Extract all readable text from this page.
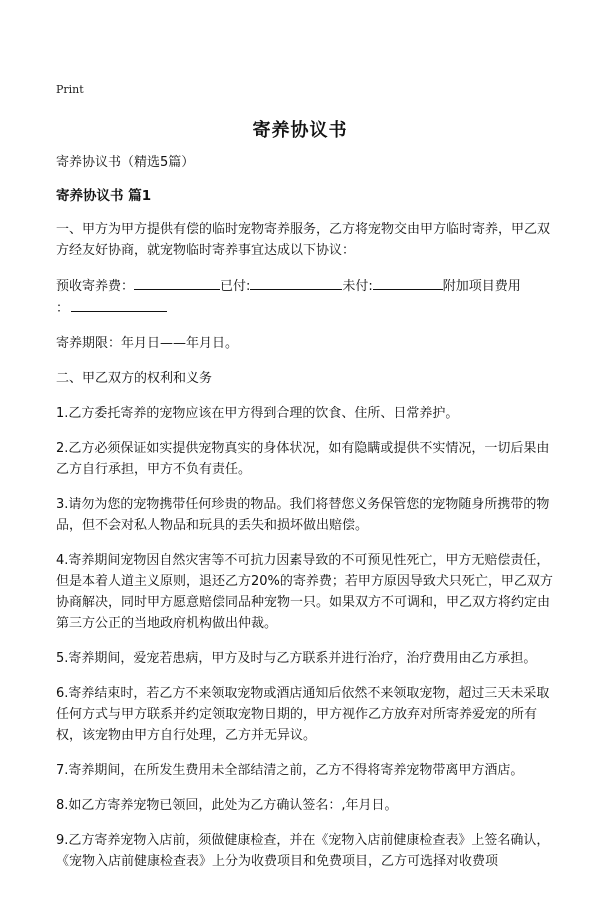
Print
寄养协议书

寄养协议书（精选5篇）

寄养协议书 篇1

一、甲方为甲方提供有偿的临时宠物寄养服务，乙方将宠物交由甲方临时寄养，甲乙双方经友好协商，就宠物临时寄养事宜达成以下协议：

预收寄养费：	已付:	未付:	附加项目费用
：

寄养期限：年月日——年月日。

二、甲乙双方的权利和义务

1.乙方委托寄养的宠物应该在甲方得到合理的饮食、住所、日常养护。

2.乙方必须保证如实提供宠物真实的身体状况，如有隐瞒或提供不实情况，一切后果由乙方自行承担，甲方不负有责任。

3.请勿为您的宠物携带任何珍贵的物品。我们将替您义务保管您的宠物随身所携带的物品，但不会对私人物品和玩具的丢失和损坏做出赔偿。

4.寄养期间宠物因自然灾害等不可抗力因素导致的不可预见性死亡，甲方无赔偿责任，但是本着人道主义原则，退还乙方20%的寄养费；若甲方原因导致犬只死亡，甲乙双方协商解决，同时甲方愿意赔偿同品种宠物一只。如果双方不可调和，甲乙双方将约定由第三方公正的当地政府机构做出仲裁。

5.寄养期间，爱宠若患病，甲方及时与乙方联系并进行治疗，治疗费用由乙方承担。

6.寄养结束时，若乙方不来领取宠物或酒店通知后依然不来领取宠物，超过三天未采取任何方式与甲方联系并约定领取宠物日期的，甲方视作乙方放弃对所寄养爱宠的所有权，该宠物由甲方自行处理，乙方并无异议。

7.寄养期间，在所发生费用未全部结清之前，乙方不得将寄养宠物带离甲方酒店。

8.如乙方寄养宠物已领回，此处为乙方确认签名：,年月日。

9.乙方寄养宠物入店前，须做健康检查，并在《宠物入店前健康检查表》上签名确认，《宠物入店前健康检查表》上分为收费项目和免费项目，乙方可选择对收费项
